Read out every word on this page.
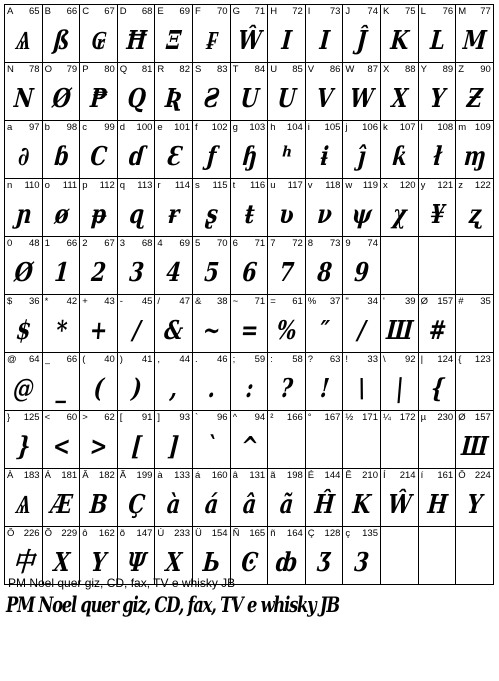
A 65
Ѧ
B 66
ß
C 67
₢
D 68
Ħ
E 69
Ξ
F 70
₣
G 71
Ŵ
H 72
Ӏ
I 73
Ι
J 74
Ĵ
K 75
K
L 76
L
M 77
M
N 78
N
O 79
Ø
P 80
₱
Q 81
Q
R 82
Ʀ
S 83
Ƨ
T 84
U
U 85
U
V 86
V
W 87
W
X 88
X
Y 89
Y
Z 90
Ƶ
a 97
∂
b 98
ɓ
c 99
Ϲ
d 100
ɗ
e 101
Ɛ
f 102
ƒ
g 103
ɧ
h 104
ʰ
i 105
ɨ
j 106
ĵ
k 107
ƙ
l 108
ł
m 109
ɱ
n 110
ɲ
o 111
ø
p 112
ᵽ
q 113
ɋ
r 114
ɍ
s 115
ʂ
t 116
ŧ
u 117
ʋ
v 118
ν
w 119
ψ
x 120
χ
y 121
¥
z 122
ʐ
0 48
Ø
1 66
1
2 67
2
3 68
3
4 69
4
5 70
5
6 71
6
7 72
7
8 73
8
9 74
9
$ 36
$
* 42
*
+ 43
+
- 45
/
/ 47
&
& 38
~
~ 71
=
= 61
%
% 37
″
" 34
/
' 39
Ш
Ø 157
#
# 35
@ 64
@
_ 66
_
( 40
(
) 41
)
, 44
,
. 46
.
; 59
:
: 58
?
? 63
!
! 33
\
\ 92
|
| 124
{
{ 123
} 125
}
< 60
<
> 62
>
[ 91
[
] 93
]
` 96
`
^ 94
^
² 166 ° 167 ½ 171 ¼ 172 µ 230 Ø 157
Ш
À 183
Ѧ
Á 181
Æ
Â 182
B
Ã 199
Ç
à 133
à
á 160
á
â 131
â
ã 198
ã
É 144
Ĥ
Ê 210
K
Í 214
Ŵ
í 161
H
Ô 224
Y
Ô 226
中
Õ 229
X
ô 162
Y
õ 147
Ψ
Ú 233
X
Ü 154
Ь
Ñ 165
Ͼ
ñ 164
ȸ
Ç 128
Ʒ
ç 135
3
PM Noel quer giz, CD, fax, TV e whisky JB
PM Noel quer giz, CD, fax, TV e whisky JB
